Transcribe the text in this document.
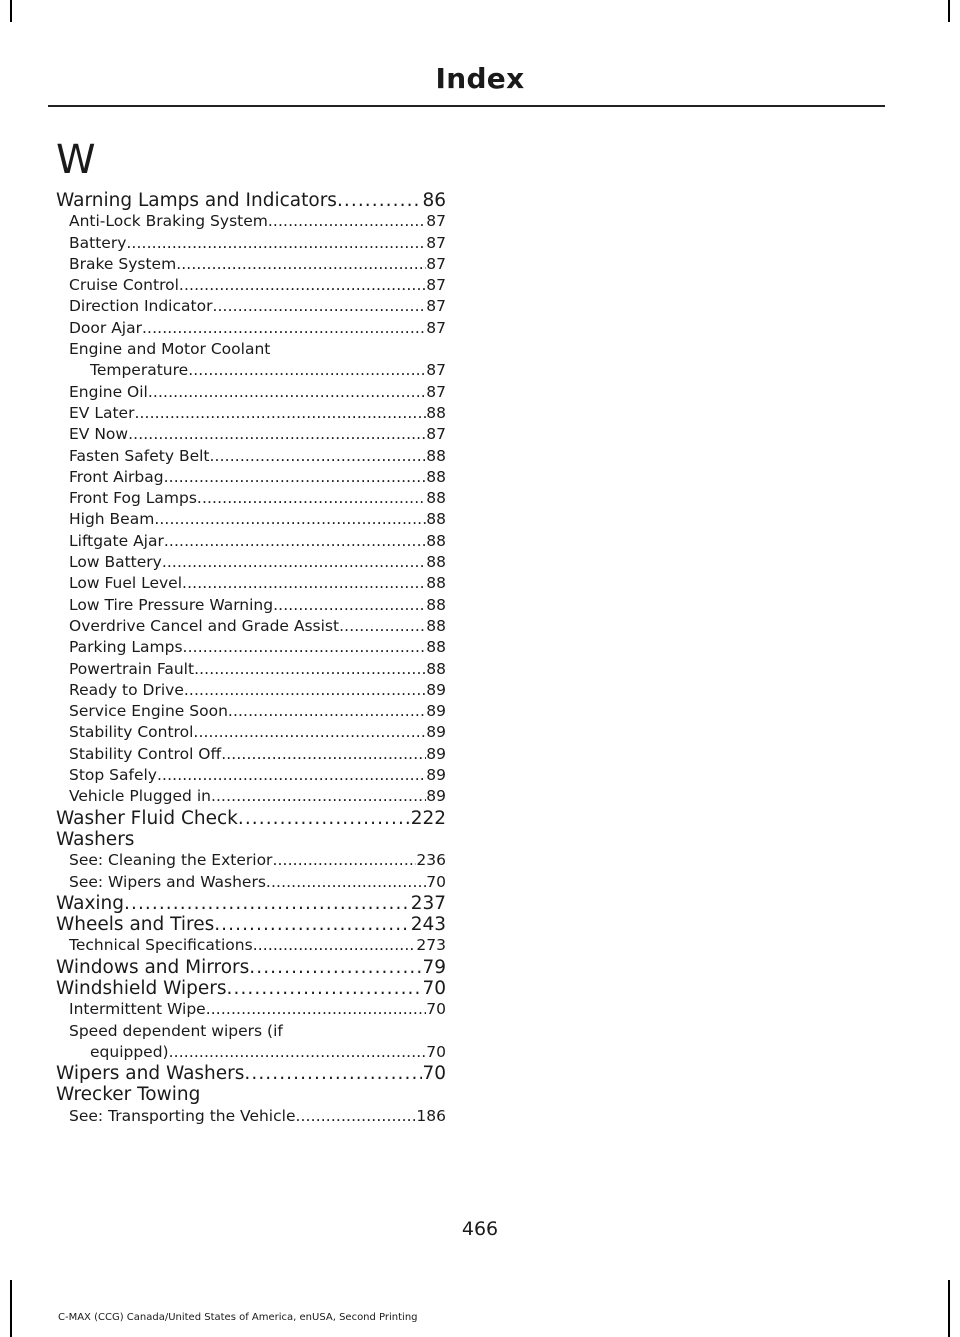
Index
W
Warning Lamps and Indicators . . .	86
Anti-Lock Braking System . . .	87
Battery . . .	87
Brake System . . .	87
Cruise Control . . .	87
Direction Indicator . . .	87
Door Ajar . . .	87
Engine and Motor Coolant
Temperature . . .	87
Engine Oil . . .	87
EV Later . . .	88
EV Now . . .	87
Fasten Safety Belt . . .	88
Front Airbag . . .	88
Front Fog Lamps . . .	88
High Beam . . .	88
Liftgate Ajar . . .	88
Low Battery . . .	88
Low Fuel Level . . .	88
Low Tire Pressure Warning . . .	88
Overdrive Cancel and Grade Assist . . .	88
Parking Lamps . . .	88
Powertrain Fault . . .	88
Ready to Drive . . .	89
Service Engine Soon . . .	89
Stability Control . . .	89
Stability Control Off . . .	89
Stop Safely . . .	89
Vehicle Plugged in . . .	89
Washer Fluid Check . . .	222
Washers
See: Cleaning the Exterior . . .	236
See: Wipers and Washers . . .	70
Waxing . . .	237
Wheels and Tires . . .	243
Technical Specifications . . .	273
Windows and Mirrors . . .	79
Windshield Wipers . . .	70
Intermittent Wipe . . .	70
Speed dependent wipers (if
equipped) . . .	70
Wipers and Washers . . .	70
Wrecker Towing
See: Transporting the Vehicle . . .	186
466
C-MAX (CCG) Canada/United States of America, enUSA, Second Printing
